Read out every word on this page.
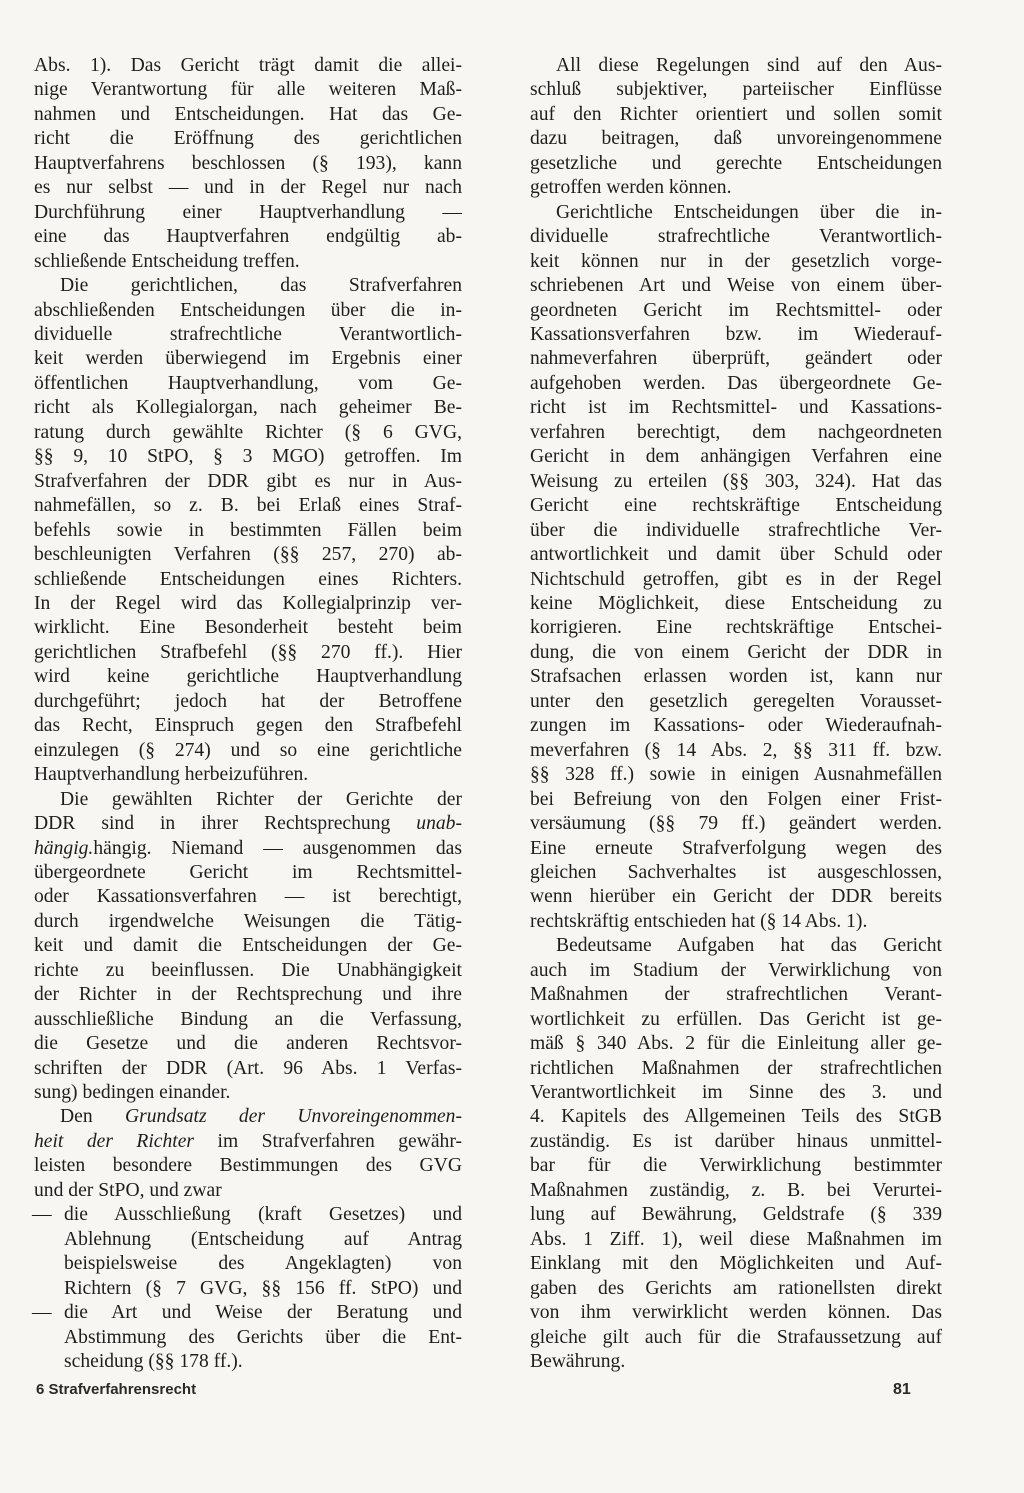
Abs. 1). Das Gericht trägt damit die allei-
nige Verantwortung für alle weiteren Maß-
nahmen und Entscheidungen. Hat das Ge-
richt die Eröffnung des gerichtlichen
Hauptverfahrens beschlossen (§ 193), kann
es nur selbst — und in der Regel nur nach
Durchführung einer Hauptverhandlung —
eine das Hauptverfahren endgültig ab-

schließende Entscheidung treffen.

Die gerichtlichen, das Strafverfahren
abschließenden Entscheidungen über die in-
dividuelle strafrechtliche Verantwortlich-
keit werden überwiegend im Ergebnis einer
öffentlichen Hauptverhandlung, vom Ge-
richt als Kollegialorgan, nach geheimer Be-
ratung durch gewählte Richter (§ 6 GVG,
§§ 9, 10 StPO, § 3 MGO) getroffen. Im
Strafverfahren der DDR gibt es nur in Aus-
nahmefällen, so z. B. bei Erlaß eines Straf-
befehls sowie in bestimmten Fällen beim
beschleunigten Verfahren (§§ 257, 270) ab-
schließende Entscheidungen eines Richters.
In der Regel wird das Kollegialprinzip ver-
wirklicht. Eine Besonderheit besteht beim
gerichtlichen Strafbefehl (§§ 270 ff.). Hier
wird keine gerichtliche Hauptverhandlung
durchgeführt; jedoch hat der Betroffene
das Recht, Einspruch gegen den Strafbefehl
einzulegen (§ 274) und so eine gerichtliche

Hauptverhandlung herbeizuführen.

Die gewählten Richter der Gerichte der
DDR sind in ihrer Rechtsprechung unab-
hängig.hängig. Niemand — ausgenommen das
übergeordnete Gericht im Rechtsmittel-
oder Kassationsverfahren — ist berechtigt,
durch irgendwelche Weisungen die Tätig-
keit und damit die Entscheidungen der Ge-
richte zu beeinflussen. Die Unabhängigkeit
der Richter in der Rechtsprechung und ihre
ausschließliche Bindung an die Verfassung,
die Gesetze und die anderen Rechtsvor-
schriften der DDR (Art. 96 Abs. 1 Verfas-

sung) bedingen einander.

Den Grundsatz der Unvoreingenommen-
heit der Richter im Strafverfahren gewähr-
leisten besondere Bestimmungen des GVG

und der StPO, und zwar

— die Ausschließung (kraft Gesetzes) und
Ablehnung (Entscheidung auf Antrag
beispielsweise des Angeklagten) von
Richtern (§ 7 GVG, §§ 156 ff. StPO) und

— die Art und Weise der Beratung und
Abstimmung des Gerichts über die Ent-

scheidung (§§ 178 ff.).

All diese Regelungen sind auf den Aus-
schluß subjektiver, parteiischer Einflüsse
auf den Richter orientiert und sollen somit
dazu beitragen, daß unvoreingenommene
gesetzliche und gerechte Entscheidungen

getroffen werden können.

Gerichtliche Entscheidungen über die in-
dividuelle strafrechtliche Verantwortlich-
keit können nur in der gesetzlich vorge-
schriebenen Art und Weise von einem über-
geordneten Gericht im Rechtsmittel- oder
Kassationsverfahren bzw. im Wiederauf-
nahmeverfahren überprüft, geändert oder
aufgehoben werden. Das übergeordnete Ge-
richt ist im Rechtsmittel- und Kassations-
verfahren berechtigt, dem nachgeordneten
Gericht in dem anhängigen Verfahren eine
Weisung zu erteilen (§§ 303, 324). Hat das
Gericht eine rechtskräftige Entscheidung
über die individuelle strafrechtliche Ver-
antwortlichkeit und damit über Schuld oder
Nichtschuld getroffen, gibt es in der Regel
keine Möglichkeit, diese Entscheidung zu
korrigieren. Eine rechtskräftige Entschei-
dung, die von einem Gericht der DDR in
Strafsachen erlassen worden ist, kann nur
unter den gesetzlich geregelten Vorausset-
zungen im Kassations- oder Wiederaufnah-
meverfahren (§ 14 Abs. 2, §§ 311 ff. bzw.
§§ 328 ff.) sowie in einigen Ausnahmefällen
bei Befreiung von den Folgen einer Frist-
versäumung (§§ 79 ff.) geändert werden.
Eine erneute Strafverfolgung wegen des
gleichen Sachverhaltes ist ausgeschlossen,
wenn hierüber ein Gericht der DDR bereits

rechtskräftig entschieden hat (§ 14 Abs. 1).

Bedeutsame Aufgaben hat das Gericht
auch im Stadium der Verwirklichung von
Maßnahmen der strafrechtlichen Verant-
wortlichkeit zu erfüllen. Das Gericht ist ge-
mäß § 340 Abs. 2 für die Einleitung aller ge-
richtlichen Maßnahmen der strafrechtlichen
Verantwortlichkeit im Sinne des 3. und
4. Kapitels des Allgemeinen Teils des StGB
zuständig. Es ist darüber hinaus unmittel-
bar für die Verwirklichung bestimmter
Maßnahmen zuständig, z. B. bei Verurtei-
lung auf Bewährung, Geldstrafe (§ 339
Abs. 1 Ziff. 1), weil diese Maßnahmen im
Einklang mit den Möglichkeiten und Auf-
gaben des Gerichts am rationellsten direkt
von ihm verwirklicht werden können. Das
gleiche gilt auch für die Strafaussetzung auf

Bewährung.

6 Strafverfahrensrecht	81
